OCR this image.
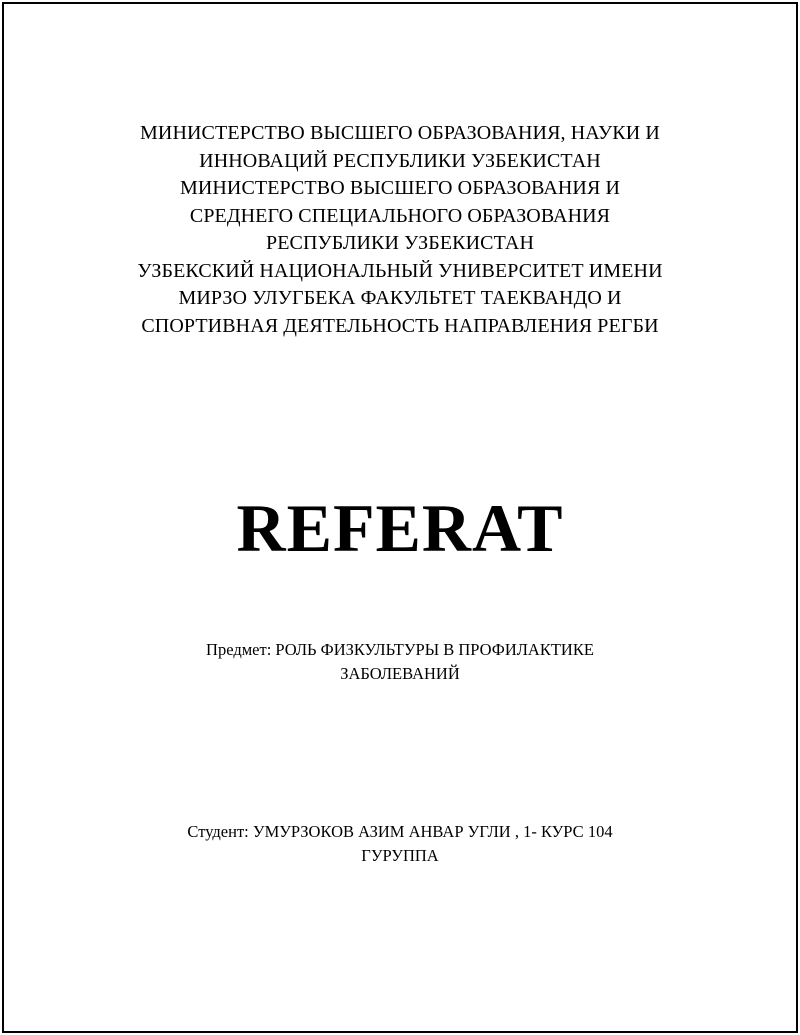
МИНИСТЕРСТВО ВЫСШЕГО ОБРАЗОВАНИЯ, НАУКИ И
ИННОВАЦИЙ РЕСПУБЛИКИ УЗБЕКИСТАН
МИНИСТЕРСТВО ВЫСШЕГО ОБРАЗОВАНИЯ И
СРЕДНЕГО СПЕЦИАЛЬНОГО ОБРАЗОВАНИЯ
РЕСПУБЛИКИ УЗБЕКИСТАН
УЗБЕКСКИЙ НАЦИОНАЛЬНЫЙ УНИВЕРСИТЕТ ИМЕНИ
МИРЗО УЛУГБЕКА ФАКУЛЬТЕТ ТАЕКВАНДО И
СПОРТИВНАЯ ДЕЯТЕЛЬНОСТЬ НАПРАВЛЕНИЯ РЕГБИ
REFERAT
Предмет: РОЛЬ ФИЗКУЛЬТУРЫ В ПРОФИЛАКТИКЕ
ЗАБОЛЕВАНИЙ
Студент: УМУРЗОКОВ АЗИМ АНВАР УГЛИ , 1- КУРС 104
ГУРУППА
